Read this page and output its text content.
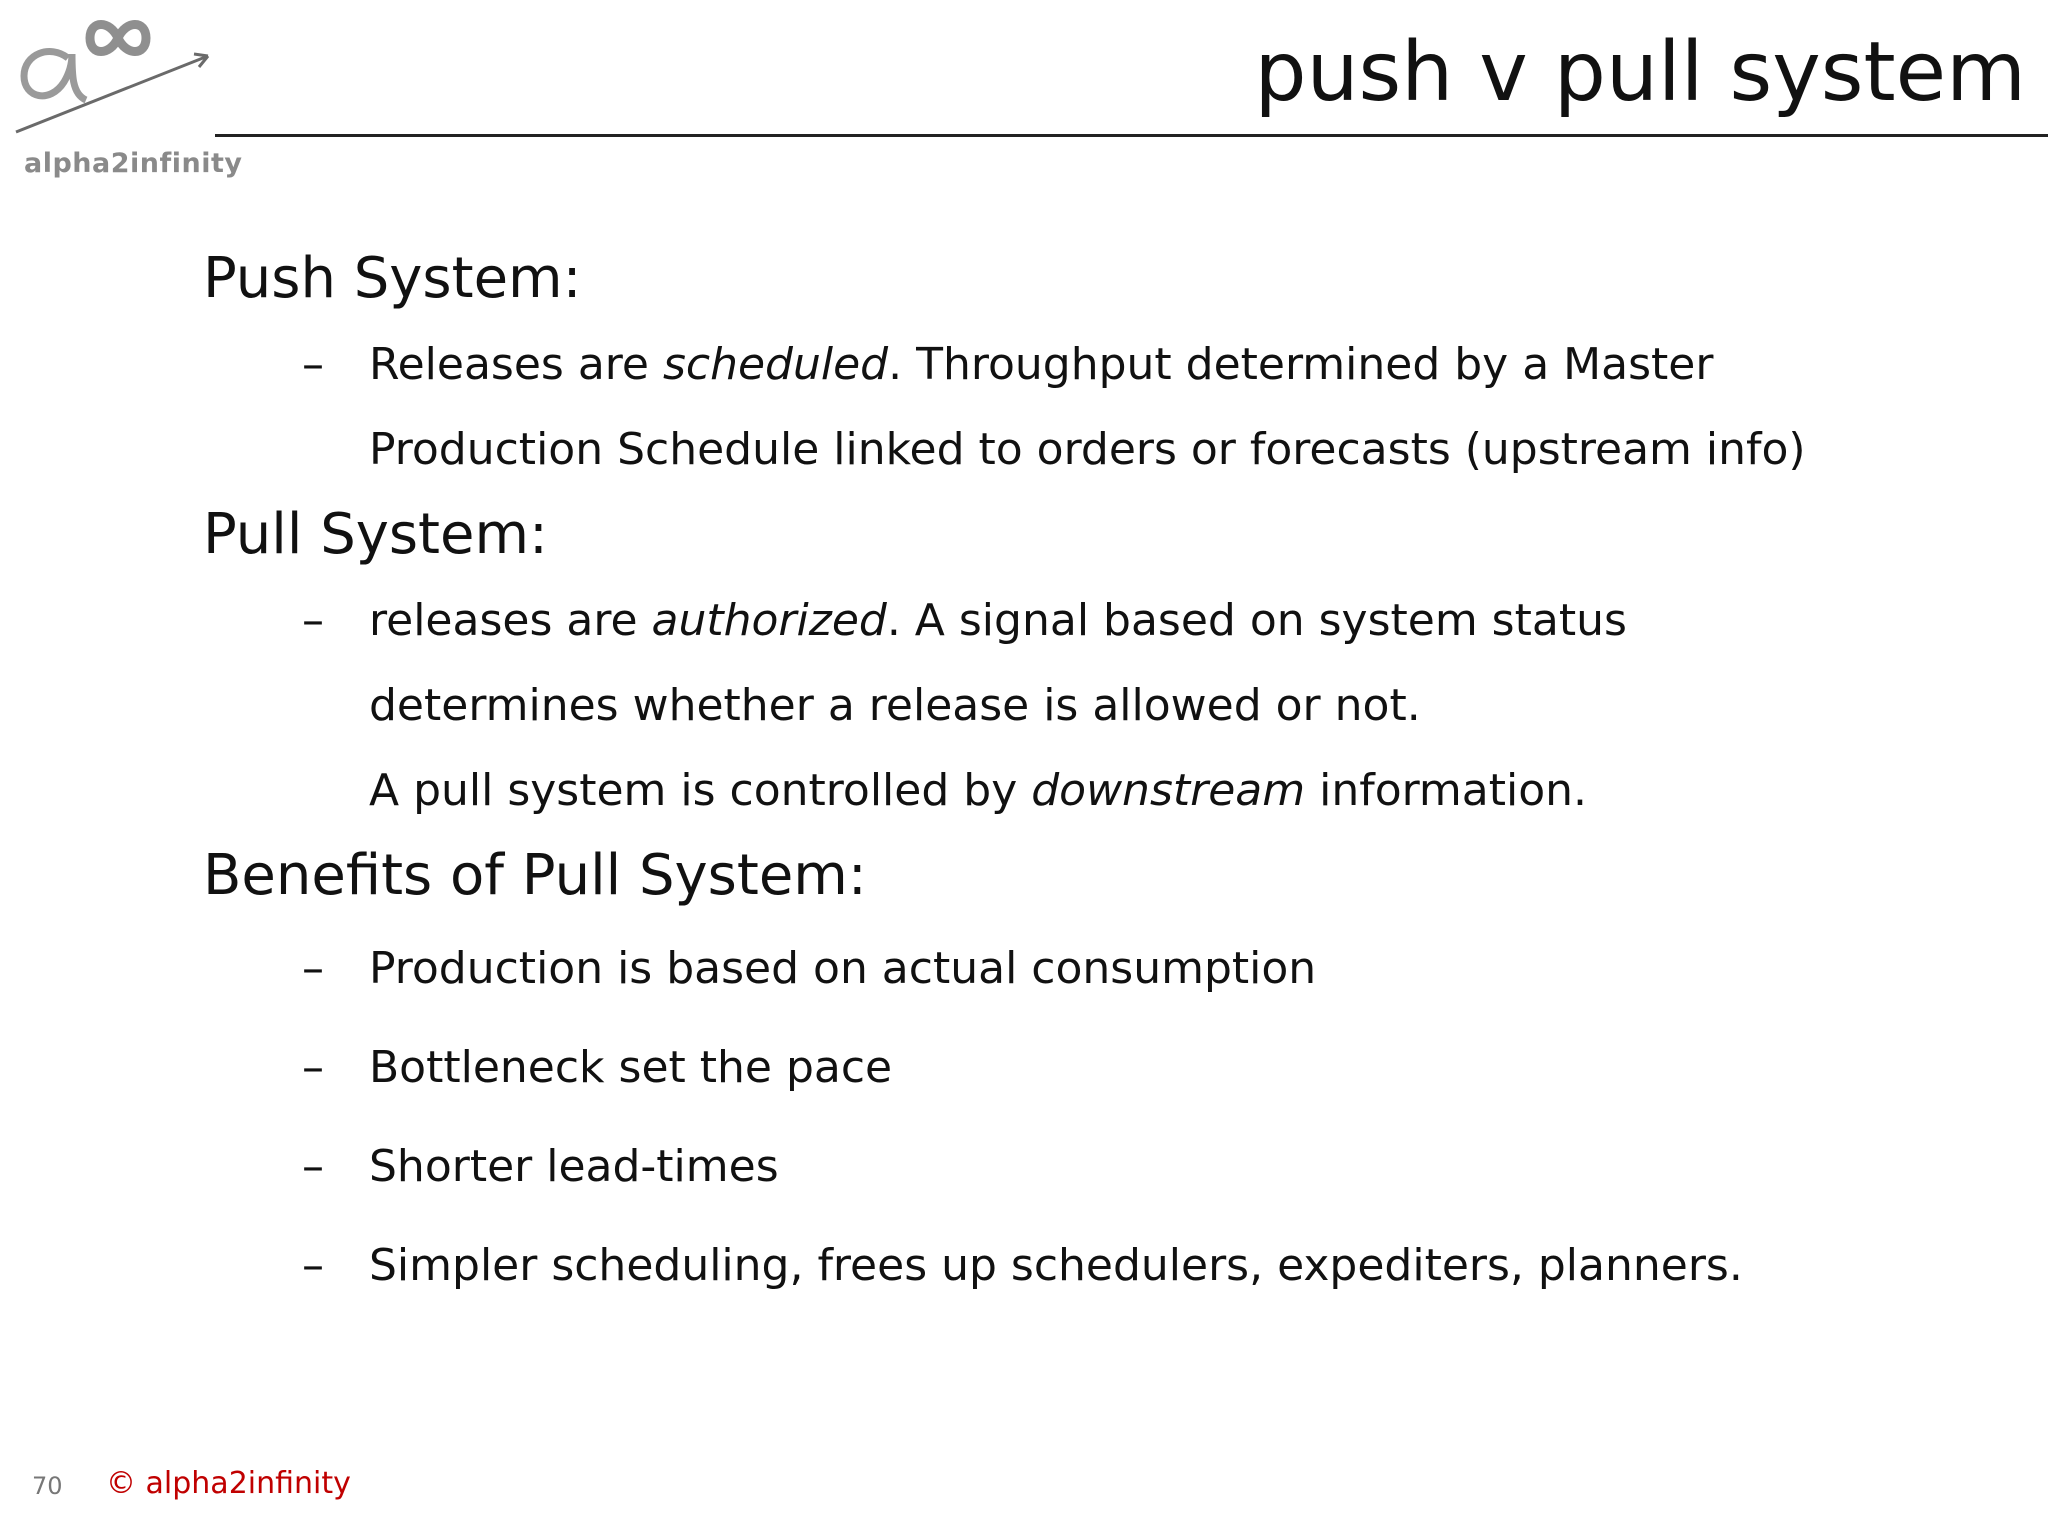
alpha2infinity
push v pull system
Push System:
– Releases are scheduled. Throughput determined by a Master
Production Schedule linked to orders or forecasts (upstream info)
Pull System:
– releases are authorized. A signal based on system status
determines whether a release is allowed or not.
A pull system is controlled by downstream information.
Benefits of Pull System:
– Production is based on actual consumption
– Bottleneck set the pace
– Shorter lead-times
– Simpler scheduling, frees up schedulers, expediters, planners.
70 © alpha2infinity
